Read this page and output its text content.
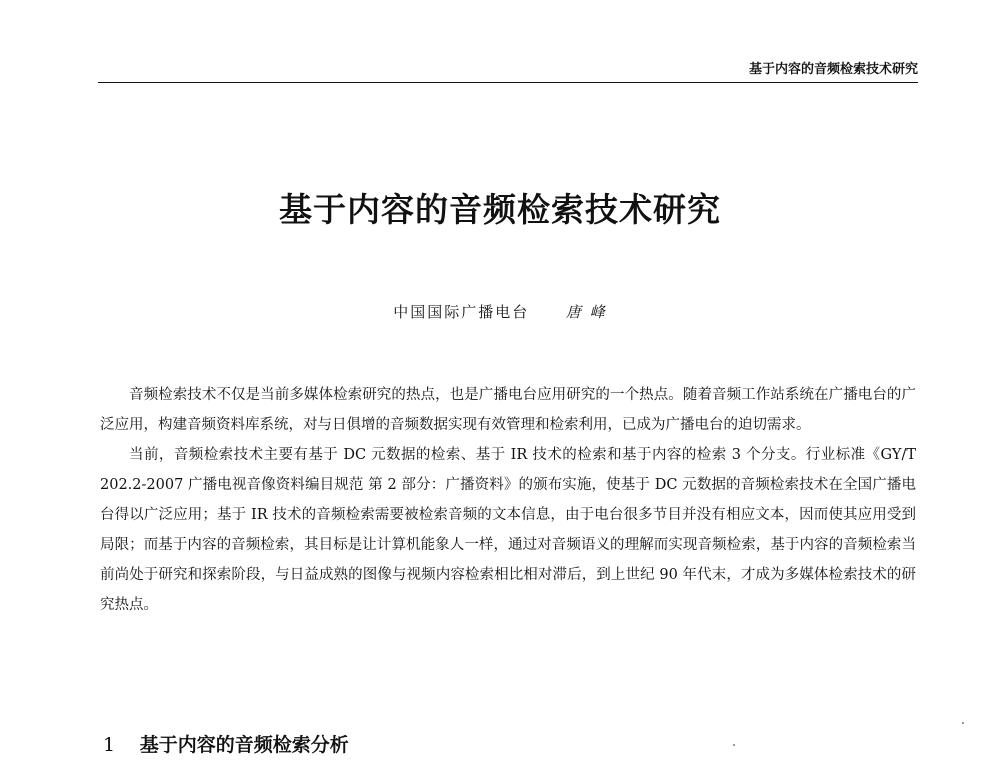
基于内容的音频检索技术研究
基于内容的音频检索技术研究
中国国际广播电台 唐 峰

音频检索技术不仅是当前多媒体检索研究的热点，也是广播电台应用研究的一个热点。随着音频工作站系统在广播电台的广泛应用，构建音频资料库系统，对与日俱增的音频数据实现有效管理和检索利用，已成为广播电台的迫切需求。

当前，音频检索技术主要有基于 DC 元数据的检索、基于 IR 技术的检索和基于内容的检索 3 个分支。行业标准《GY/T 202.2-2007 广播电视音像资料编目规范 第 2 部分：广播资料》的颁布实施，使基于 DC 元数据的音频检索技术在全国广播电台得以广泛应用；基于 IR 技术的音频检索需要被检索音频的文本信息，由于电台很多节目并没有相应文本，因而使其应用受到局限；而基于内容的音频检索，其目标是让计算机能象人一样，通过对音频语义的理解而实现音频检索，基于内容的音频检索当前尚处于研究和探索阶段，与日益成熟的图像与视频内容检索相比相对滞后，到上世纪 90 年代末，才成为多媒体检索技术的研究热点。

1 基于内容的音频检索分析
